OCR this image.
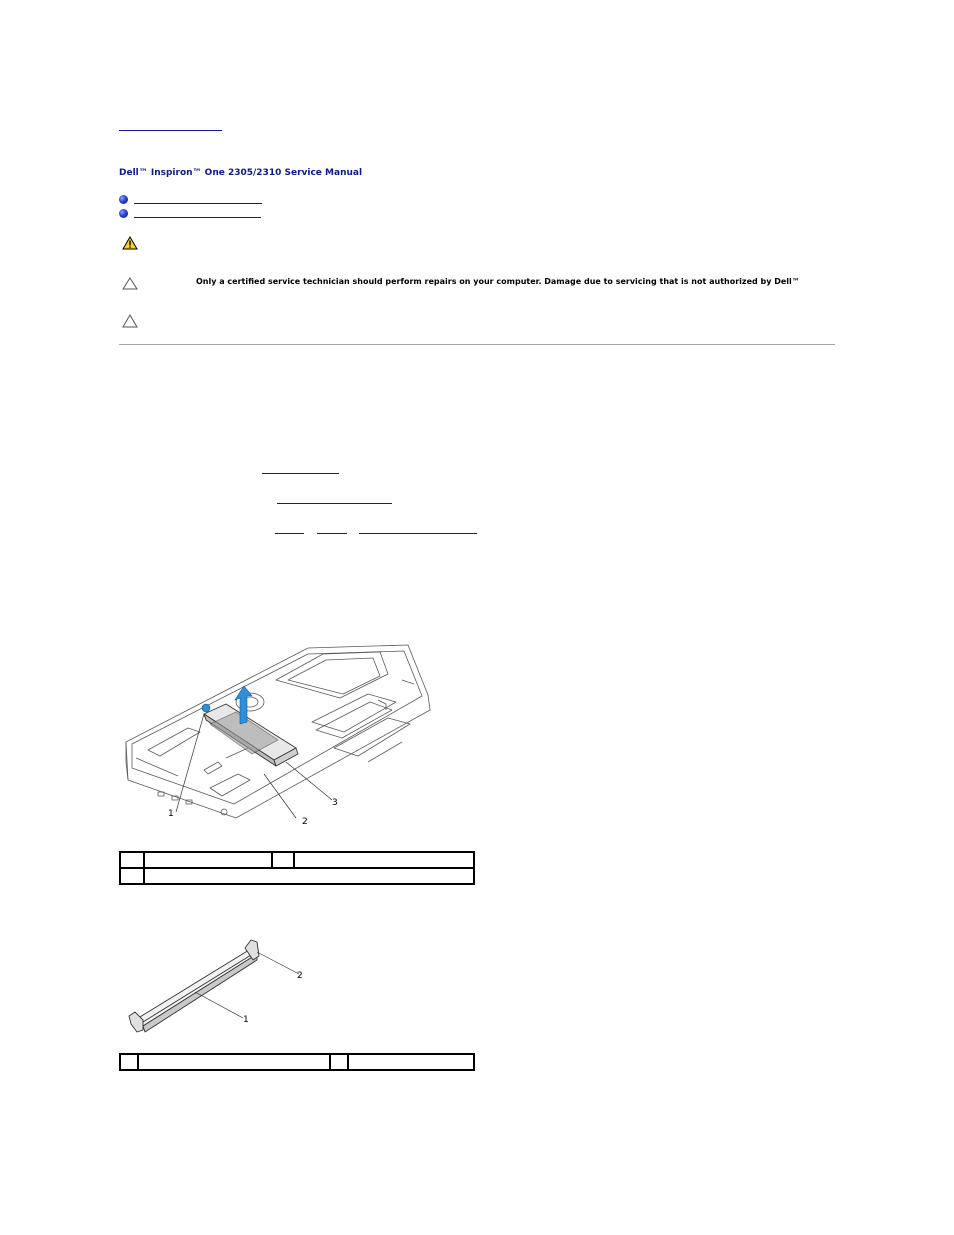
Dell™ Inspiron™ One 2305/2310 Service Manual
Only a certified service technician should perform repairs on your computer. Damage due to servicing that is not authorized by Dell™
1
2
3

1
2
